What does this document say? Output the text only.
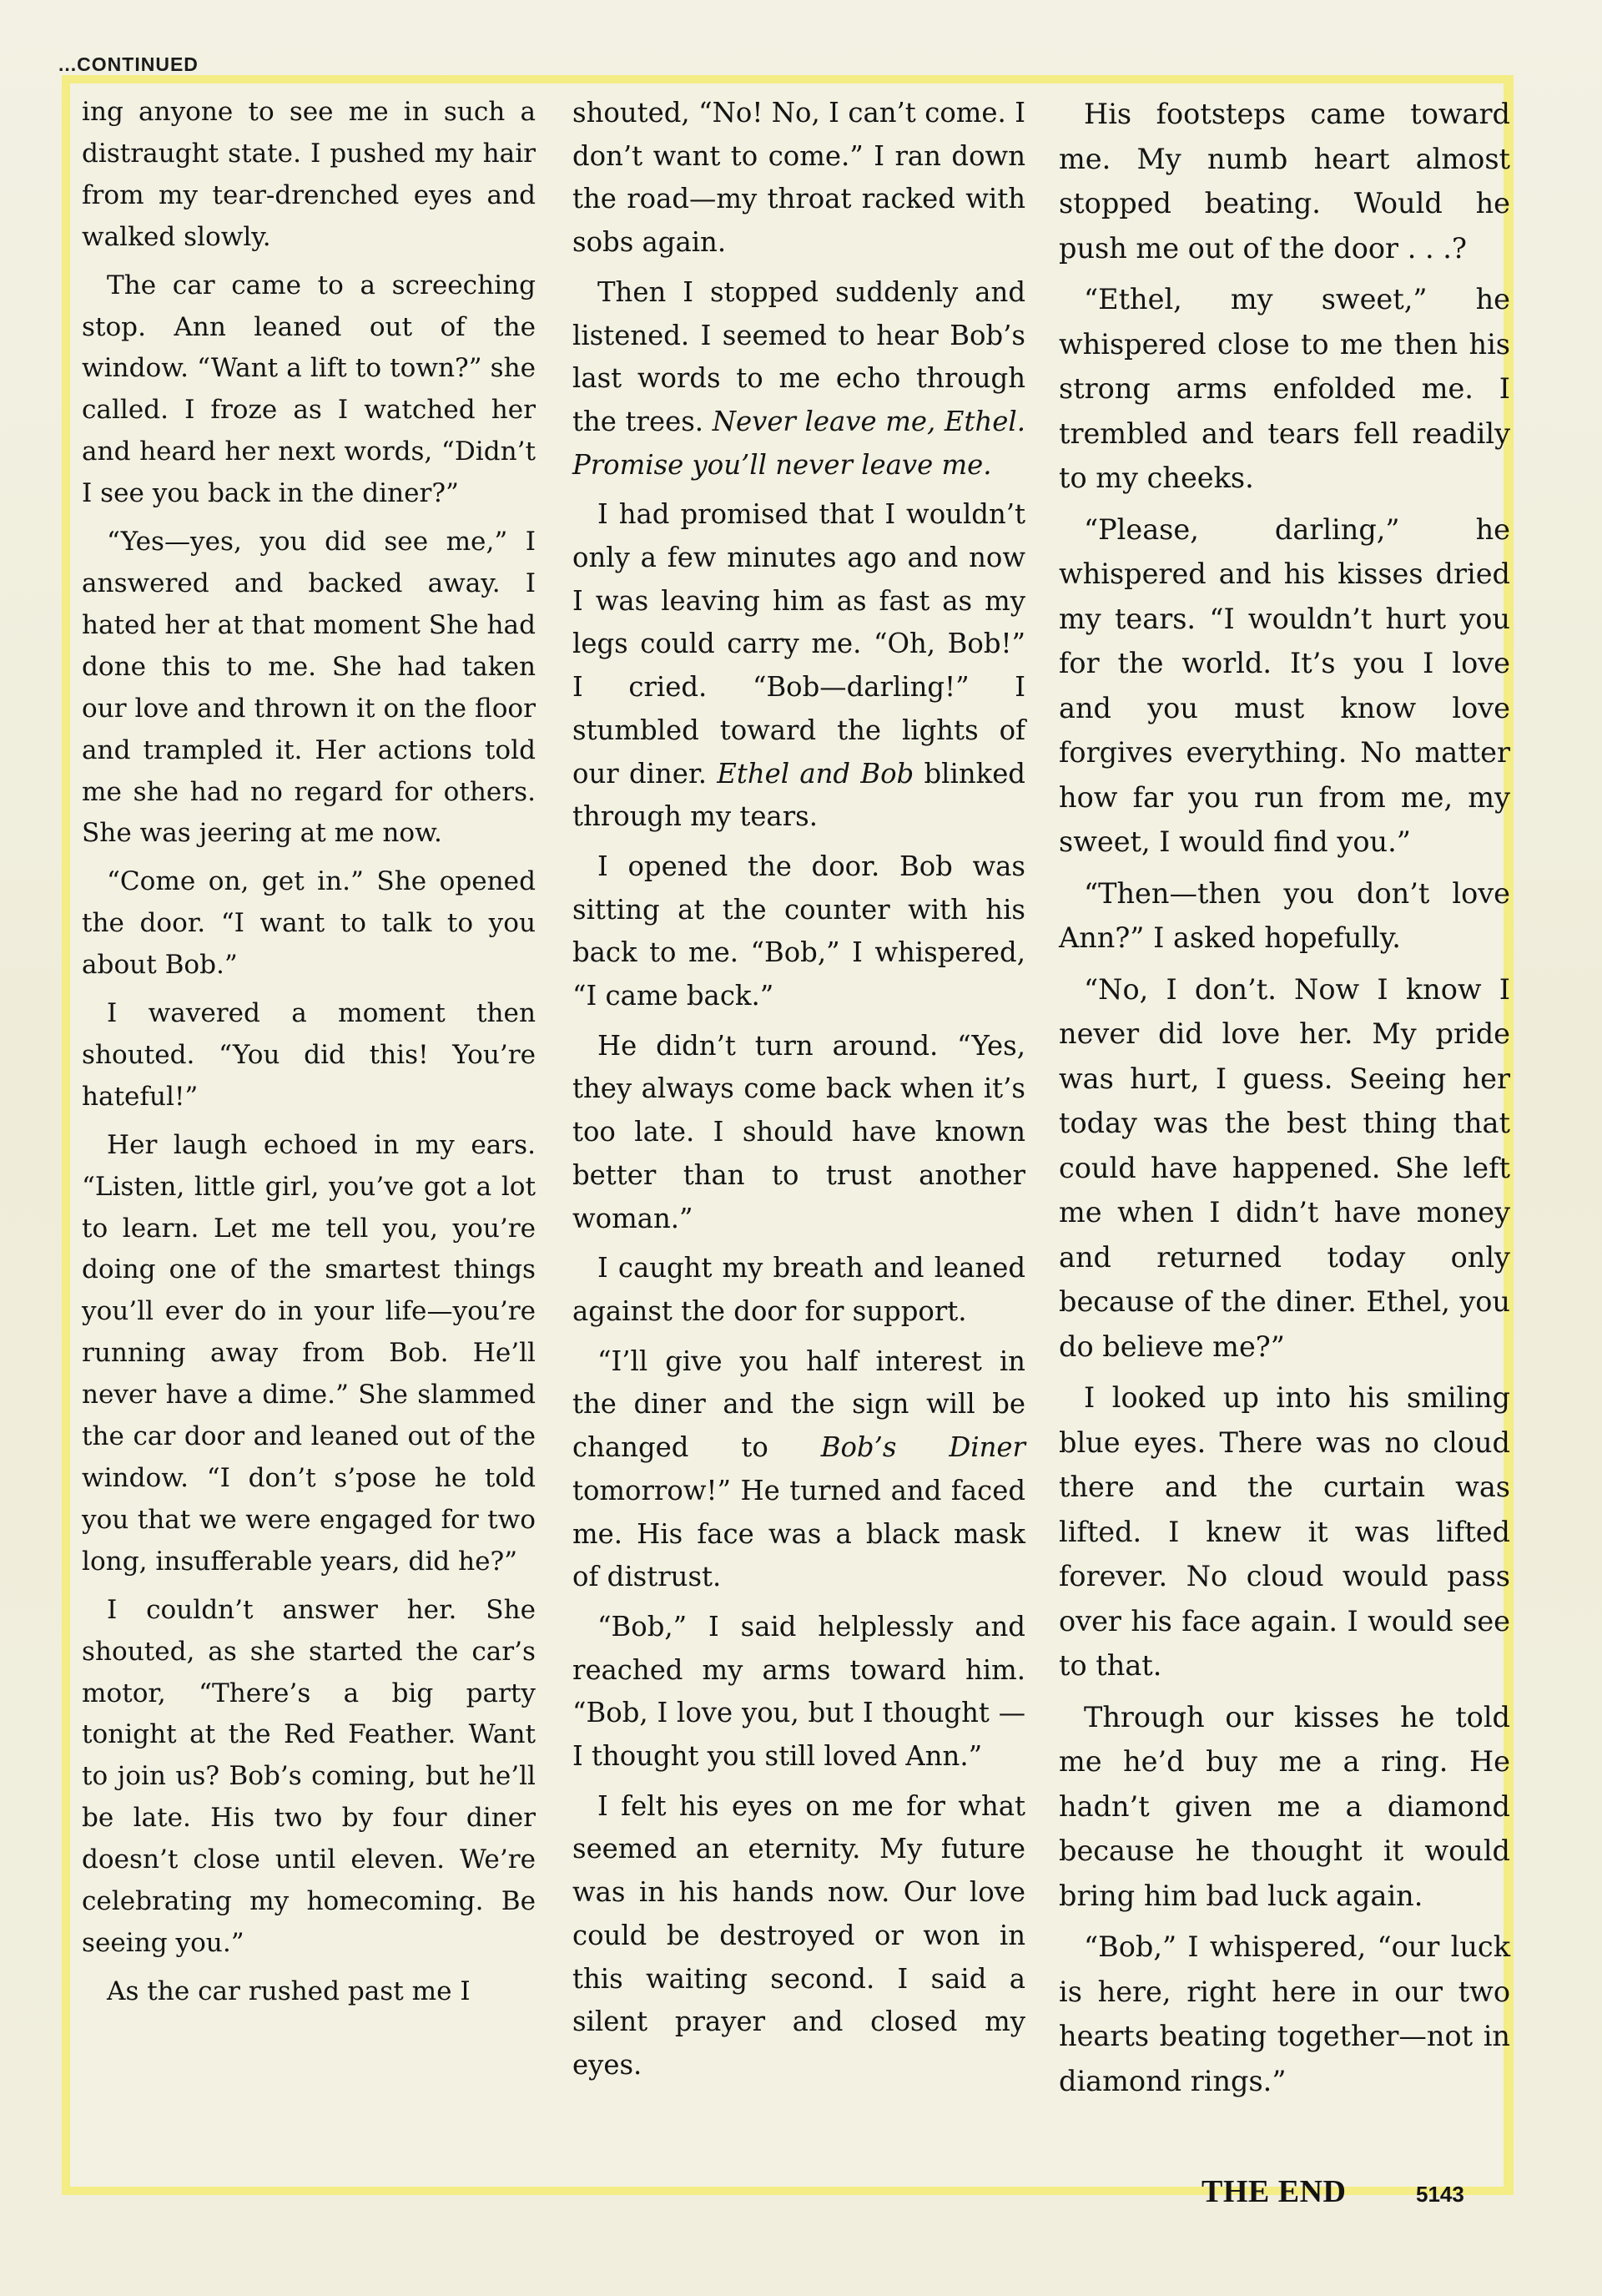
...CONTINUED

ing anyone to see me in such a distraught state. I pushed my hair from my tear-drenched eyes and walked slowly.

The car came to a screeching stop. Ann leaned out of the window. “Want a lift to town?” she called. I froze as I watched her and heard her next words, “Didn’t I see you back in the diner?”

“Yes—yes, you did see me,” I answered and backed away. I hated her at that moment She had done this to me. She had taken our love and thrown it on the floor and trampled it. Her actions told me she had no regard for others. She was jeering at me now.

“Come on, get in.” She opened the door. “I want to talk to you about Bob.”

I wavered a moment then shouted. “You did this! You’re hateful!”

Her laugh echoed in my ears. “Listen, little girl, you’ve got a lot to learn. Let me tell you, you’re doing one of the smartest things you’ll ever do in your life—you’re running away from Bob. He’ll never have a dime.” She slammed the car door and leaned out of the window. “I don’t s’pose he told you that we were engaged for two long, insufferable years, did he?”

I couldn’t answer her. She shouted, as she started the car’s motor, “There’s a big party tonight at the Red Feather. Want to join us? Bob’s coming, but he’ll be late. His two by four diner doesn’t close until eleven. We’re celebrating my homecoming. Be seeing you.”

As the car rushed past me I

shouted, “No! No, I can’t come. I don’t want to come.” I ran down the road—my throat racked with sobs again.

Then I stopped suddenly and listened. I seemed to hear Bob’s last words to me echo through the trees. Never leave me, Ethel. Promise you’ll never leave me.

I had promised that I wouldn’t only a few minutes ago and now I was leaving him as fast as my legs could carry me. “Oh, Bob!” I cried. “Bob—darling!” I stumbled toward the lights of our diner. Ethel and Bob blinked through my tears.

I opened the door. Bob was sitting at the counter with his back to me. “Bob,” I whispered, “I came back.”

He didn’t turn around. “Yes, they always come back when it’s too late. I should have known better than to trust another woman.”

I caught my breath and leaned against the door for support.

“I’ll give you half interest in the diner and the sign will be changed to Bob’s Diner tomorrow!” He turned and faced me. His face was a black mask of distrust.

“Bob,” I said helplessly and reached my arms toward him. “Bob, I love you, but I thought — I thought you still loved Ann.”

I felt his eyes on me for what seemed an eternity. My future was in his hands now. Our love could be destroyed or won in this waiting second. I said a silent prayer and closed my eyes.

His footsteps came toward me. My numb heart almost stopped beating. Would he push me out of the door . . .?

“Ethel, my sweet,” he whispered close to me then his strong arms enfolded me. I trembled and tears fell readily to my cheeks.

“Please, darling,” he whispered and his kisses dried my tears. “I wouldn’t hurt you for the world. It’s you I love and you must know love forgives everything. No matter how far you run from me, my sweet, I would find you.”

“Then—then you don’t love Ann?” I asked hopefully.

“No, I don’t. Now I know I never did love her. My pride was hurt, I guess. Seeing her today was the best thing that could have happened. She left me when I didn’t have money and returned today only because of the diner. Ethel, you do believe me?”

I looked up into his smiling blue eyes. There was no cloud there and the curtain was lifted. I knew it was lifted forever. No cloud would pass over his face again. I would see to that.

Through our kisses he told me he’d buy me a ring. He hadn’t given me a diamond because he thought it would bring him bad luck again.

“Bob,” I whispered, “our luck is here, right here in our two hearts beating together—not in diamond rings.”

THE END	5143
